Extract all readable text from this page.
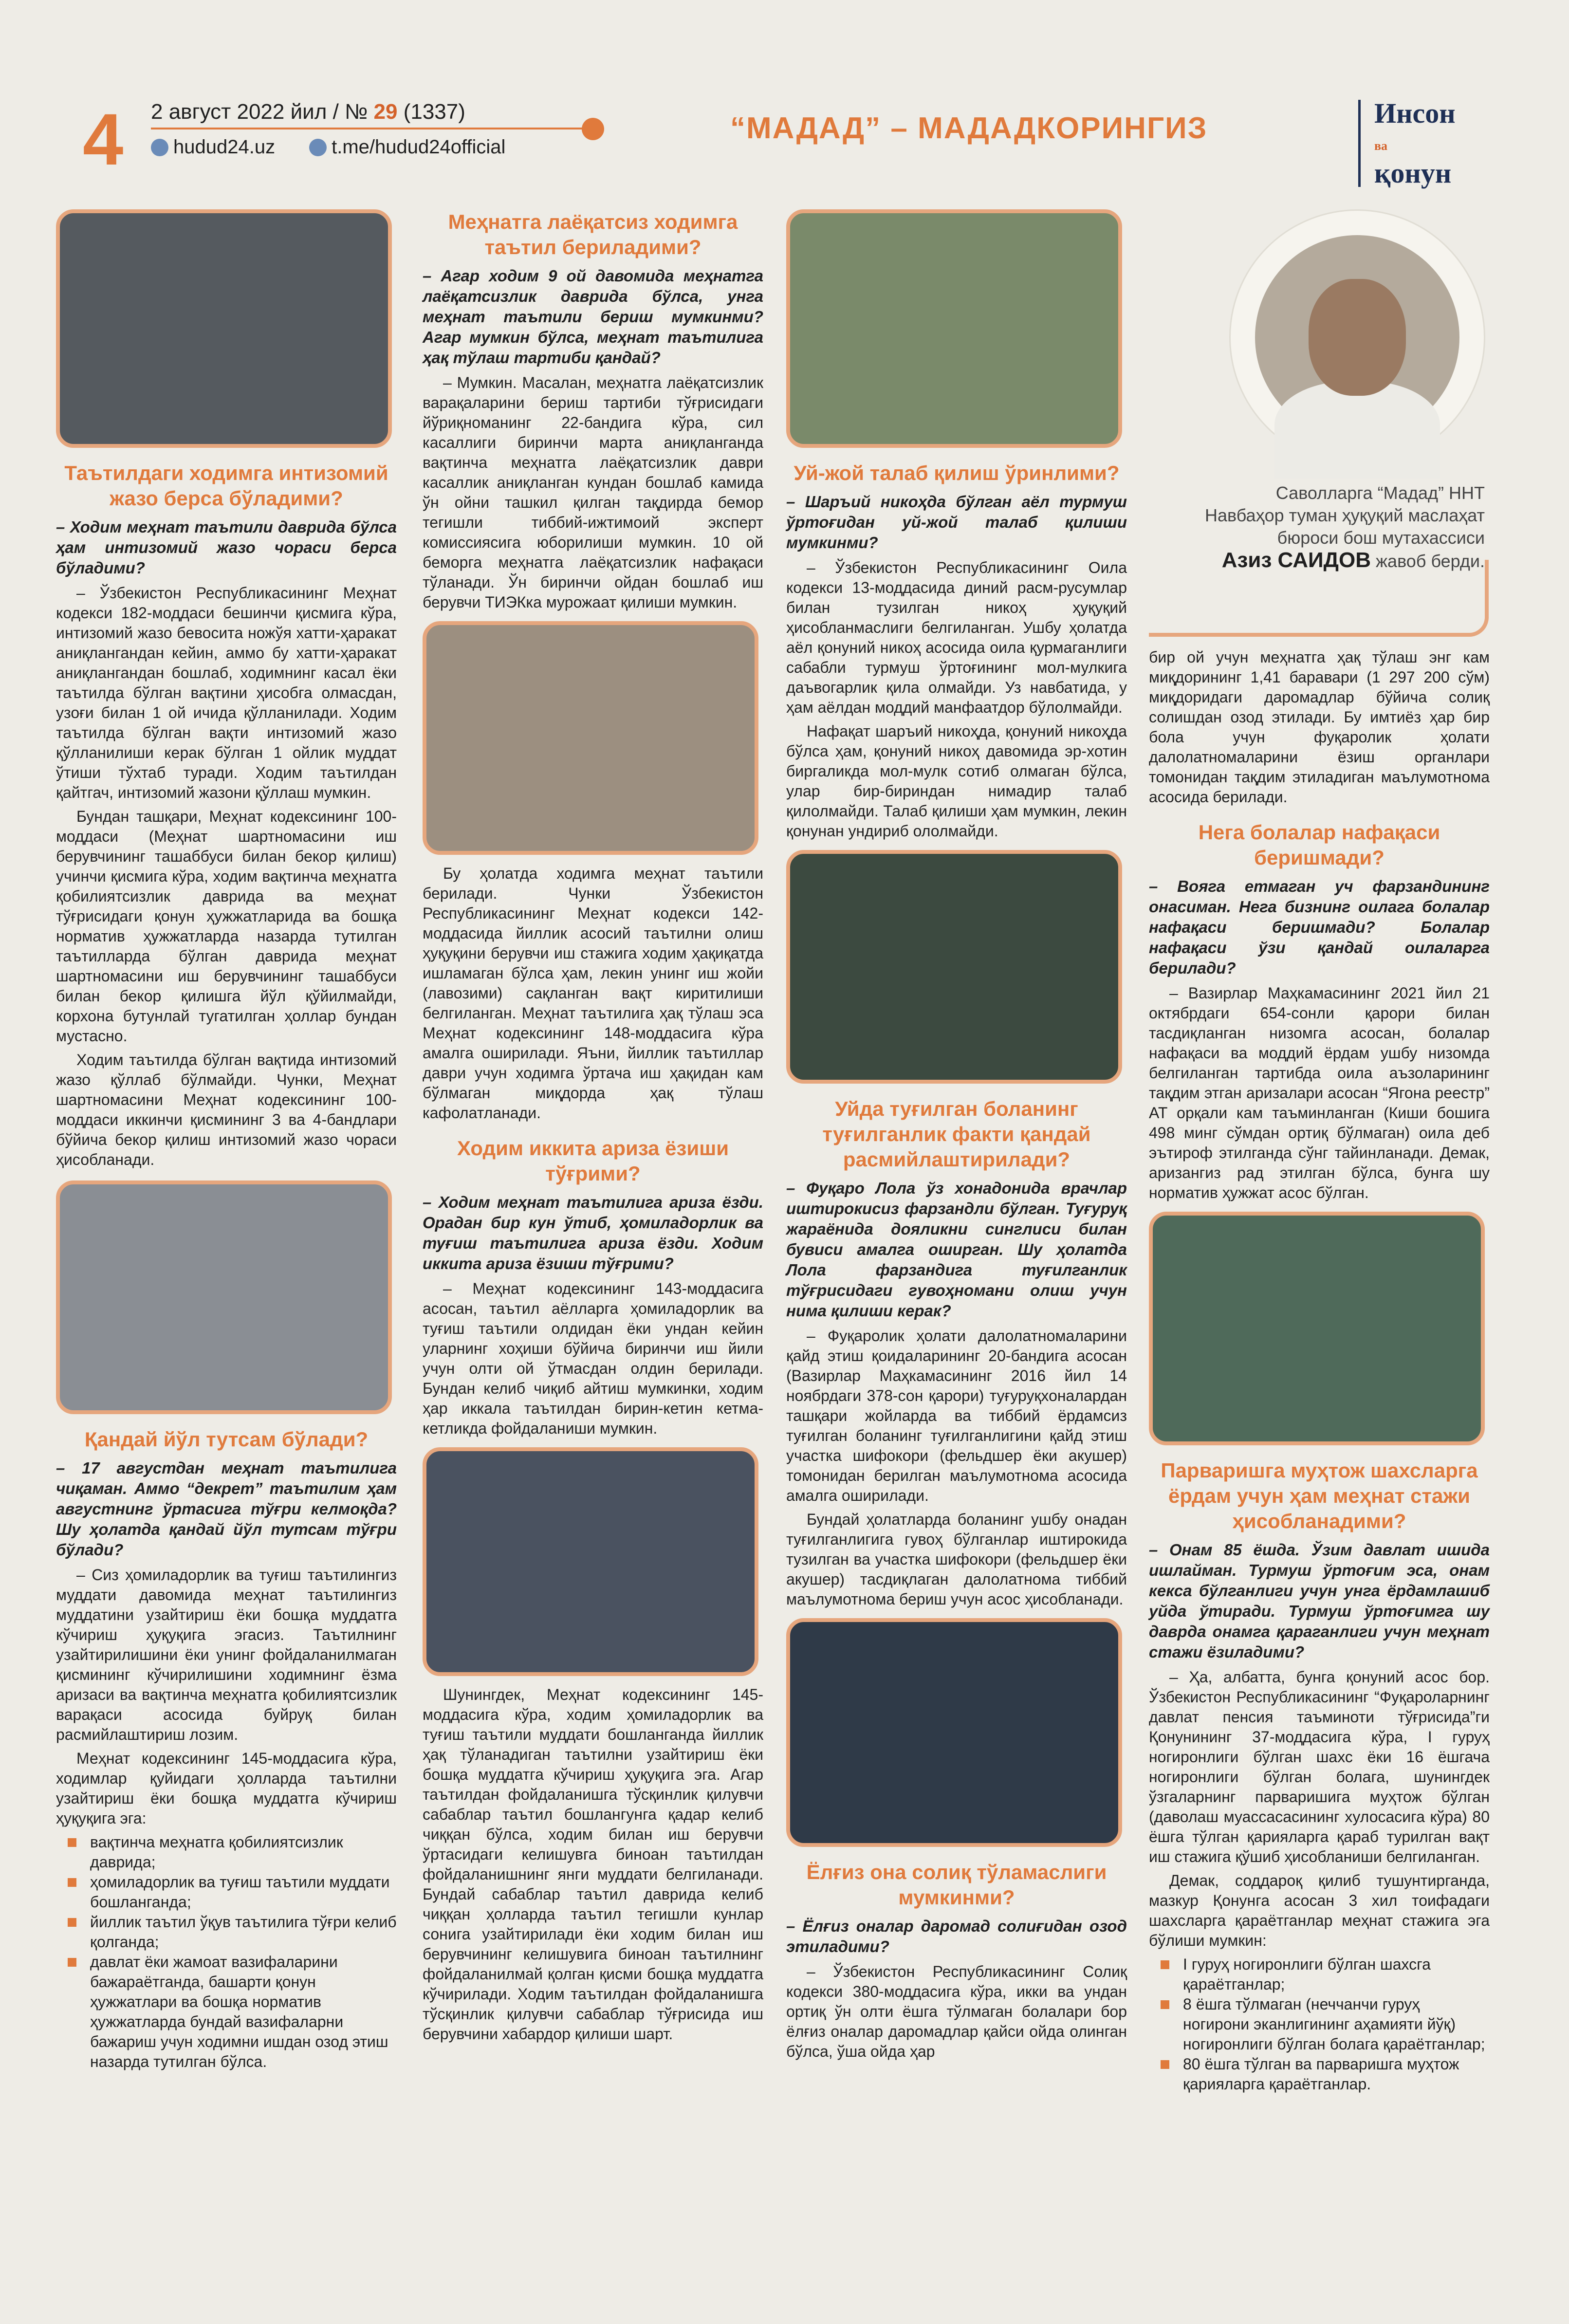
4 2 август 2022 йил / № 29 (1337)
hudud24.uz	t.me/hudud24official
“МАДАД” – МАДАДКОРИНГИЗ	Инсон
ва
қонун
Таътилдаги ходимга интизомий жазо берса бўладими?

– Ходим меҳнат таътили даврида бўлса ҳам интизомий жазо чораси берса бўладими?

– Ўзбекистон Республикасининг Меҳнат кодекси 182-моддаси бешинчи қисмига кўра, интизомий жазо бевосита ножўя хатти-ҳаракат аниқлангандан кейин, аммо бу хатти-ҳаракат аниқлангандан бошлаб, ходимнинг касал ёки таътилда бўлган вақтини ҳисобга олмасдан, узоғи билан 1 ой ичида қўлланилади. Ходим таътилда бўлган вақти интизомий жазо қўлланилиши керак бўлган 1 ойлик муддат ўтиши тўхтаб туради. Ходим таътилдан қайтгач, интизомий жазони қўллаш мумкин.

Бундан ташқари, Меҳнат кодексининг 100-моддаси (Меҳнат шартномасини иш берувчининг ташаббуси билан бекор қилиш) учинчи қисмига кўра, ходим вақтинча меҳнатга қобилиятсизлик даврида ва меҳнат тўғрисидаги қонун ҳужжатларида ва бошқа норматив ҳужжатларда назарда тутилган таътилларда бўлган даврида меҳнат шартномасини иш берувчининг ташаббуси билан бекор қилишга йўл қўйилмайди, корхона бутунлай тугатилган ҳоллар бундан мустасно.

Ходим таътилда бўлган вақтида интизомий жазо қўллаб бўлмайди. Чунки, Меҳнат шартномасини Меҳнат кодексининг 100-моддаси иккинчи қисмининг 3 ва 4-бандлари бўйича бекор қилиш интизомий жазо чораси ҳисобланади.

Қандай йўл тутсам бўлади?

– 17 августдан меҳнат таътилига чиқаман. Аммо “декрет” таътилим ҳам августнинг ўртасига тўғри келмоқда? Шу ҳолатда қандай йўл тутсам тўғри бўлади?

– Сиз ҳомиладорлик ва туғиш таътилингиз муддати давомида меҳнат таътилингиз муддатини узайтириш ёки бошқа муддатга кўчириш ҳуқуқига эгасиз. Таътилнинг узайтирилишини ёки унинг фойдаланилмаган қисмининг кўчирилишини ходимнинг ёзма аризаси ва вақтинча меҳнатга қобилиятсизлик варақаси асосида буйруқ билан расмийлаштириш лозим.

Меҳнат кодексининг 145-моддасига кўра, ходимлар қуйидаги ҳолларда таътилни узайтириш ёки бошқа муддатга кўчириш ҳуқуқига эга:

вақтинча меҳнатга қобилиятсизлик даврида;
ҳомиладорлик ва туғиш таътили муддати бошланганда;
йиллик таътил ўқув таътилига тўғри келиб қолганда;
давлат ёки жамоат вазифаларини бажараётганда, башарти қонун ҳужжатлари ва бошқа норматив ҳужжатларда бундай вазифаларни бажариш учун ходимни ишдан озод этиш назарда тутилган бўлса.
Меҳнатга лаёқатсиз ходимга таътил бериладими?

– Агар ходим 9 ой давомида меҳнатга лаёқатсизлик даврида бўлса, унга меҳнат таътили бериш мумкинми? Агар мумкин бўлса, меҳнат таътилига ҳақ тўлаш тартиби қандай?

– Мумкин. Масалан, меҳнатга лаёқатсизлик варақаларини бериш тартиби тўғрисидаги йўриқноманинг 22-бандига кўра, сил касаллиги биринчи марта аниқланганда вақтинча меҳнатга лаёқатсизлик даври касаллик аниқланган кундан бошлаб камида ўн ойни ташкил қилган тақдирда бемор тегишли тиббий-ижтимоий эксперт комиссиясига юборилиши мумкин. 10 ой беморга меҳнатга лаёқатсизлик нафақаси тўланади. Ўн биринчи ойдан бошлаб иш берувчи ТИЭКка мурожаат қилиши мумкин.

Бу ҳолатда ходимга меҳнат таътили берилади. Чунки Ўзбекистон Республикасининг Меҳнат кодекси 142-моддасида йиллик асосий таътилни олиш ҳуқуқини берувчи иш стажига ходим ҳақиқатда ишламаган бўлса ҳам, лекин унинг иш жойи (лавозими) сақланган вақт киритилиши белгиланган. Меҳнат таътилига ҳақ тўлаш эса Меҳнат кодексининг 148-моддасига кўра амалга оширилади. Яъни, йиллик таътиллар даври учун ходимга ўртача иш ҳақидан кам бўлмаган миқдорда ҳақ тўлаш кафолатланади.

Ходим иккита ариза ёзиши тўғрими?

– Ходим меҳнат таътилига ариза ёзди. Орадан бир кун ўтиб, ҳомиладорлик ва туғиш таътилига ариза ёзди. Ходим иккита ариза ёзиши тўғрими?

– Меҳнат кодексининг 143-моддасига асосан, таътил аёлларга ҳомиладорлик ва туғиш таътили олдидан ёки ундан кейин уларнинг хоҳиши бўйича биринчи иш йили учун олти ой ўтмасдан олдин берилади. Бундан келиб чиқиб айтиш мумкинки, ходим ҳар иккала таътилдан бирин-кетин кетма-кетликда фойдаланиши мумкин.

Шунингдек, Меҳнат кодексининг 145-моддасига кўра, ходим ҳомиладорлик ва туғиш таътили муддати бошланганда йиллик ҳақ тўланадиган таътилни узайтириш ёки бошқа муддатга кўчириш ҳуқуқига эга. Агар таътилдан фойдаланишга тўсқинлик қилувчи сабаблар таътил бошлангунга қадар келиб чиққан бўлса, ходим билан иш берувчи ўртасидаги келишувга биноан таътилдан фойдаланишнинг янги муддати белгиланади. Бундай сабаблар таътил даврида келиб чиққан ҳолларда таътил тегишли кунлар сонига узайтирилади ёки ходим билан иш берувчининг келишувига биноан таътилнинг фойдаланилмай қолган қисми бошқа муддатга кўчирилади. Ходим таътилдан фойдаланишга тўсқинлик қилувчи сабаблар тўғрисида иш берувчини хабардор қилиши шарт.

Уй-жой талаб қилиш ўринлими?

– Шаръий никоҳда бўлган аёл турмуш ўртоғидан уй-жой талаб қилиши мумкинми?

– Ўзбекистон Республикасининг Оила кодекси 13-моддасида диний расм-русумлар билан тузилган никоҳ ҳуқуқий ҳисобланмаслиги белгиланган. Ушбу ҳолатда аёл қонуний никоҳ асосида оила қурмаганлиги сабабли турмуш ўртоғининг мол-мулкига даъвогарлик қила олмайди. Уз навбатида, у ҳам аёлдан моддий манфаатдор бўлолмайди.

Нафақат шаръий никоҳда, қонуний никоҳда бўлса ҳам, қонуний никоҳ давомида эр-хотин биргаликда мол-мулк сотиб олмаган бўлса, улар бир-бириндан нимадир талаб қилолмайди. Талаб қилиши ҳам мумкин, лекин қонунан ундириб ололмайди.

Уйда туғилган боланинг туғилганлик факти қандай расмийлаштирилади?

– Фуқаро Лола ўз хонадонида врачлар иштирокисиз фарзандли бўлган. Туғуруқ жараёнида дояликни синглиси билан бувиси амалга оширган. Шу ҳолатда Лола фарзандига туғилганлик тўғрисидаги гувоҳномани олиш учун нима қилиши керак?

– Фуқаролик ҳолати далолатномаларини қайд этиш қоидаларининг 20-бандига асосан (Вазирлар Маҳкамасининг 2016 йил 14 ноябрдаги 378-сон қарори) туғуруқхоналардан ташқари жойларда ва тиббий ёрдамсиз туғилган боланинг туғилганлигини қайд этиш участка шифокори (фельдшер ёки акушер) томонидан берилган маълумотнома асосида амалга оширилади.

Бундай ҳолатларда боланинг ушбу онадан туғилганлигига гувоҳ бўлганлар иштирокида тузилган ва участка шифокори (фельдшер ёки акушер) тасдиқлаган далолатнома тиббий маълумотнома бериш учун асос ҳисобланади.

Ёлғиз она солиқ тўламаслиги мумкинми?

– Ёлғиз оналар даромад солиғидан озод этиладими?

– Ўзбекистон Республикасининг Солиқ кодекси 380-моддасига кўра, икки ва ундан ортиқ ўн олти ёшга тўлмаган болалари бор ёлғиз оналар даромадлар қайси ойда олинган бўлса, ўша ойда ҳар

Саволларга “Мадад” ННТ
Навбаҳор туман ҳуқуқий маслаҳат
бюроси бош мутахассиси
Азиз САИДОВ жавоб берди.

бир ой учун меҳнатга ҳақ тўлаш энг кам миқдорининг 1,41 баравари (1 297 200 сўм) миқдоридаги даромадлар бўйича солиқ солишдан озод этилади. Бу имтиёз ҳар бир бола учун фуқаролик ҳолати далолатномаларини ёзиш органлари томонидан тақдим этиладиган маълумотнома асосида берилади.

Нега болалар нафақаси беришмади?

– Вояга етмаган уч фарзандининг онасиман. Нега бизнинг оилага болалар нафақаси беришмади? Болалар нафақаси ўзи қандай оилаларга берилади?

– Вазирлар Маҳкамасининг 2021 йил 21 октябрдаги 654-сонли қарори билан тасдиқланган низомга асосан, болалар нафақаси ва моддий ёрдам ушбу низомда белгиланган тартибда оила аъзоларининг тақдим этган аризалари асосан “Ягона реестр” АТ орқали кам таъминланган (Киши бошига 498 минг сўмдан ортиқ бўлмаган) оила деб эътироф этилганда сўнг тайинланади. Демак, аризангиз рад этилган бўлса, бунга шу норматив ҳужжат асос бўлган.

Парваришга муҳтож шахсларга ёрдам учун ҳам меҳнат стажи ҳисобланадими?

– Онам 85 ёшда. Ўзим давлат ишида ишлайман. Турмуш ўртоғим эса, онам кекса бўлганлиги учун унга ёрдамлашиб уйда ўтиради. Турмуш ўртоғимга шу даврда онамга қараганлиги учун меҳнат стажи ёзиладими?

– Ҳа, албатта, бунга қонуний асос бор. Ўзбекистон Республикасининг “Фуқароларнинг давлат пенсия таъминоти тўғрисида”ги Қонунининг 37-моддасига кўра, I гуруҳ ногиронлиги бўлган шахс ёки 16 ёшгача ногиронлиги бўлган болага, шунингдек ўзгаларнинг парваришига муҳтож бўлган (даволаш муассасасининг хулосасига кўра) 80 ёшга тўлган қарияларга қараб турилган вақт иш стажига қўшиб ҳисобланиши белгиланган.

Демак, соддароқ қилиб тушунтирганда, мазкур Қонунга асосан 3 хил тоифадаги шахсларга қараётганлар меҳнат стажига эга бўлиши мумкин:

I гуруҳ ногиронлиги бўлган шахсга қараётганлар;
8 ёшга тўлмаган (неччанчи гуруҳ ногирони эканлигининг аҳамияти йўқ) ногиронлиги бўлган болага қараётганлар;
80 ёшга тўлган ва парваришга муҳтож қарияларга қараётганлар.
